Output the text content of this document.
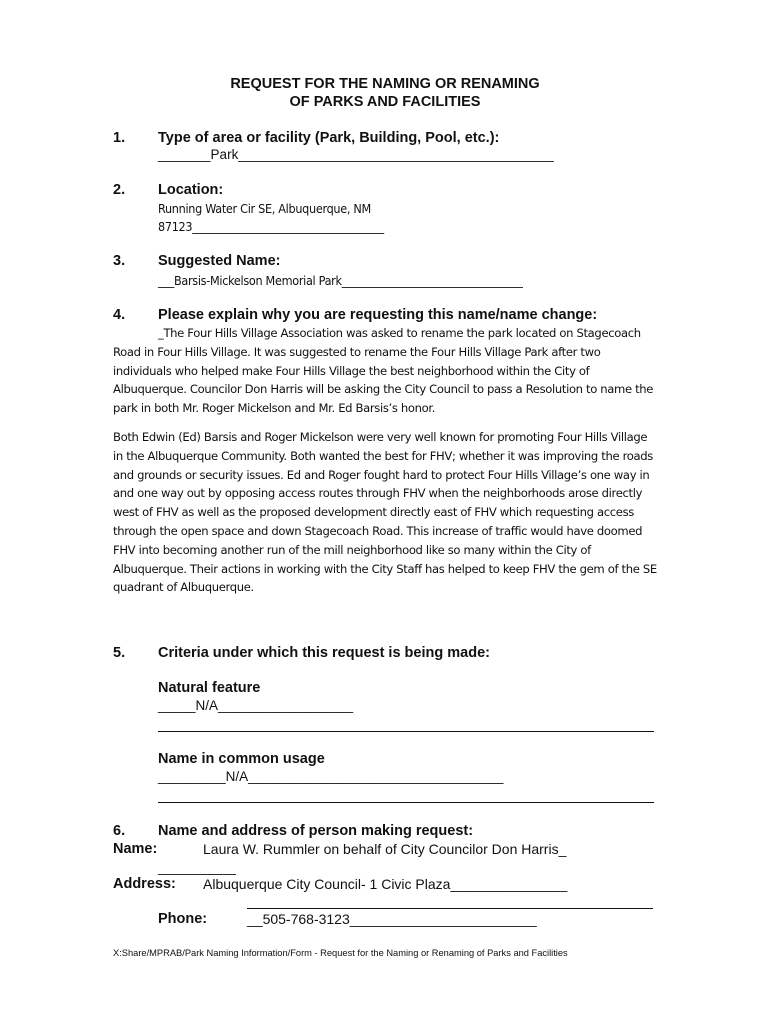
REQUEST FOR THE NAMING OR RENAMING
OF PARKS AND FACILITIES
1. Type of area or facility (Park, Building, Pool, etc.):
_______Park__________________________________________
2. Location:
Running Water Cir SE, Albuquerque, NM
87123____________________________________
3. Suggested Name:
___Barsis-Mickelson Memorial Park__________________________________
4. Please explain why you are requesting this name/name change:
_The Four Hills Village Association was asked to rename the park located on Stagecoach Road in Four Hills Village. It was suggested to rename the Four Hills Village Park after two individuals who helped make Four Hills Village the best neighborhood within the City of Albuquerque. Councilor Don Harris will be asking the City Council to pass a Resolution to name the park in both Mr. Roger Mickelson and Mr. Ed Barsis’s honor.
Both Edwin (Ed) Barsis and Roger Mickelson were very well known for promoting Four Hills Village in the Albuquerque Community. Both wanted the best for FHV; whether it was improving the roads and grounds or security issues. Ed and Roger fought hard to protect Four Hills Village’s one way in and one way out by opposing access routes through FHV when the neighborhoods arose directly west of FHV as well as the proposed development directly east of FHV which requesting access through the open space and down Stagecoach Road. This increase of traffic would have doomed FHV into becoming another run of the mill neighborhood like so many within the City of Albuquerque. Their actions in working with the City Staff has helped to keep FHV the gem of the SE quadrant of Albuquerque.
5. Criteria under which this request is being made:
Natural feature
_____N/A__________________
Name in common usage
_________N/A__________________________________
6. Name and address of person making request:
Name:	Laura W. Rummler on behalf of City Councilor Don Harris_
__________
Address: Albuquerque City Council- 1 Civic Plaza_______________
Phone:	__505-768-3123________________________
X:Share/MPRAB/Park Naming Information/Form - Request for the Naming or Renaming of Parks and Facilities
